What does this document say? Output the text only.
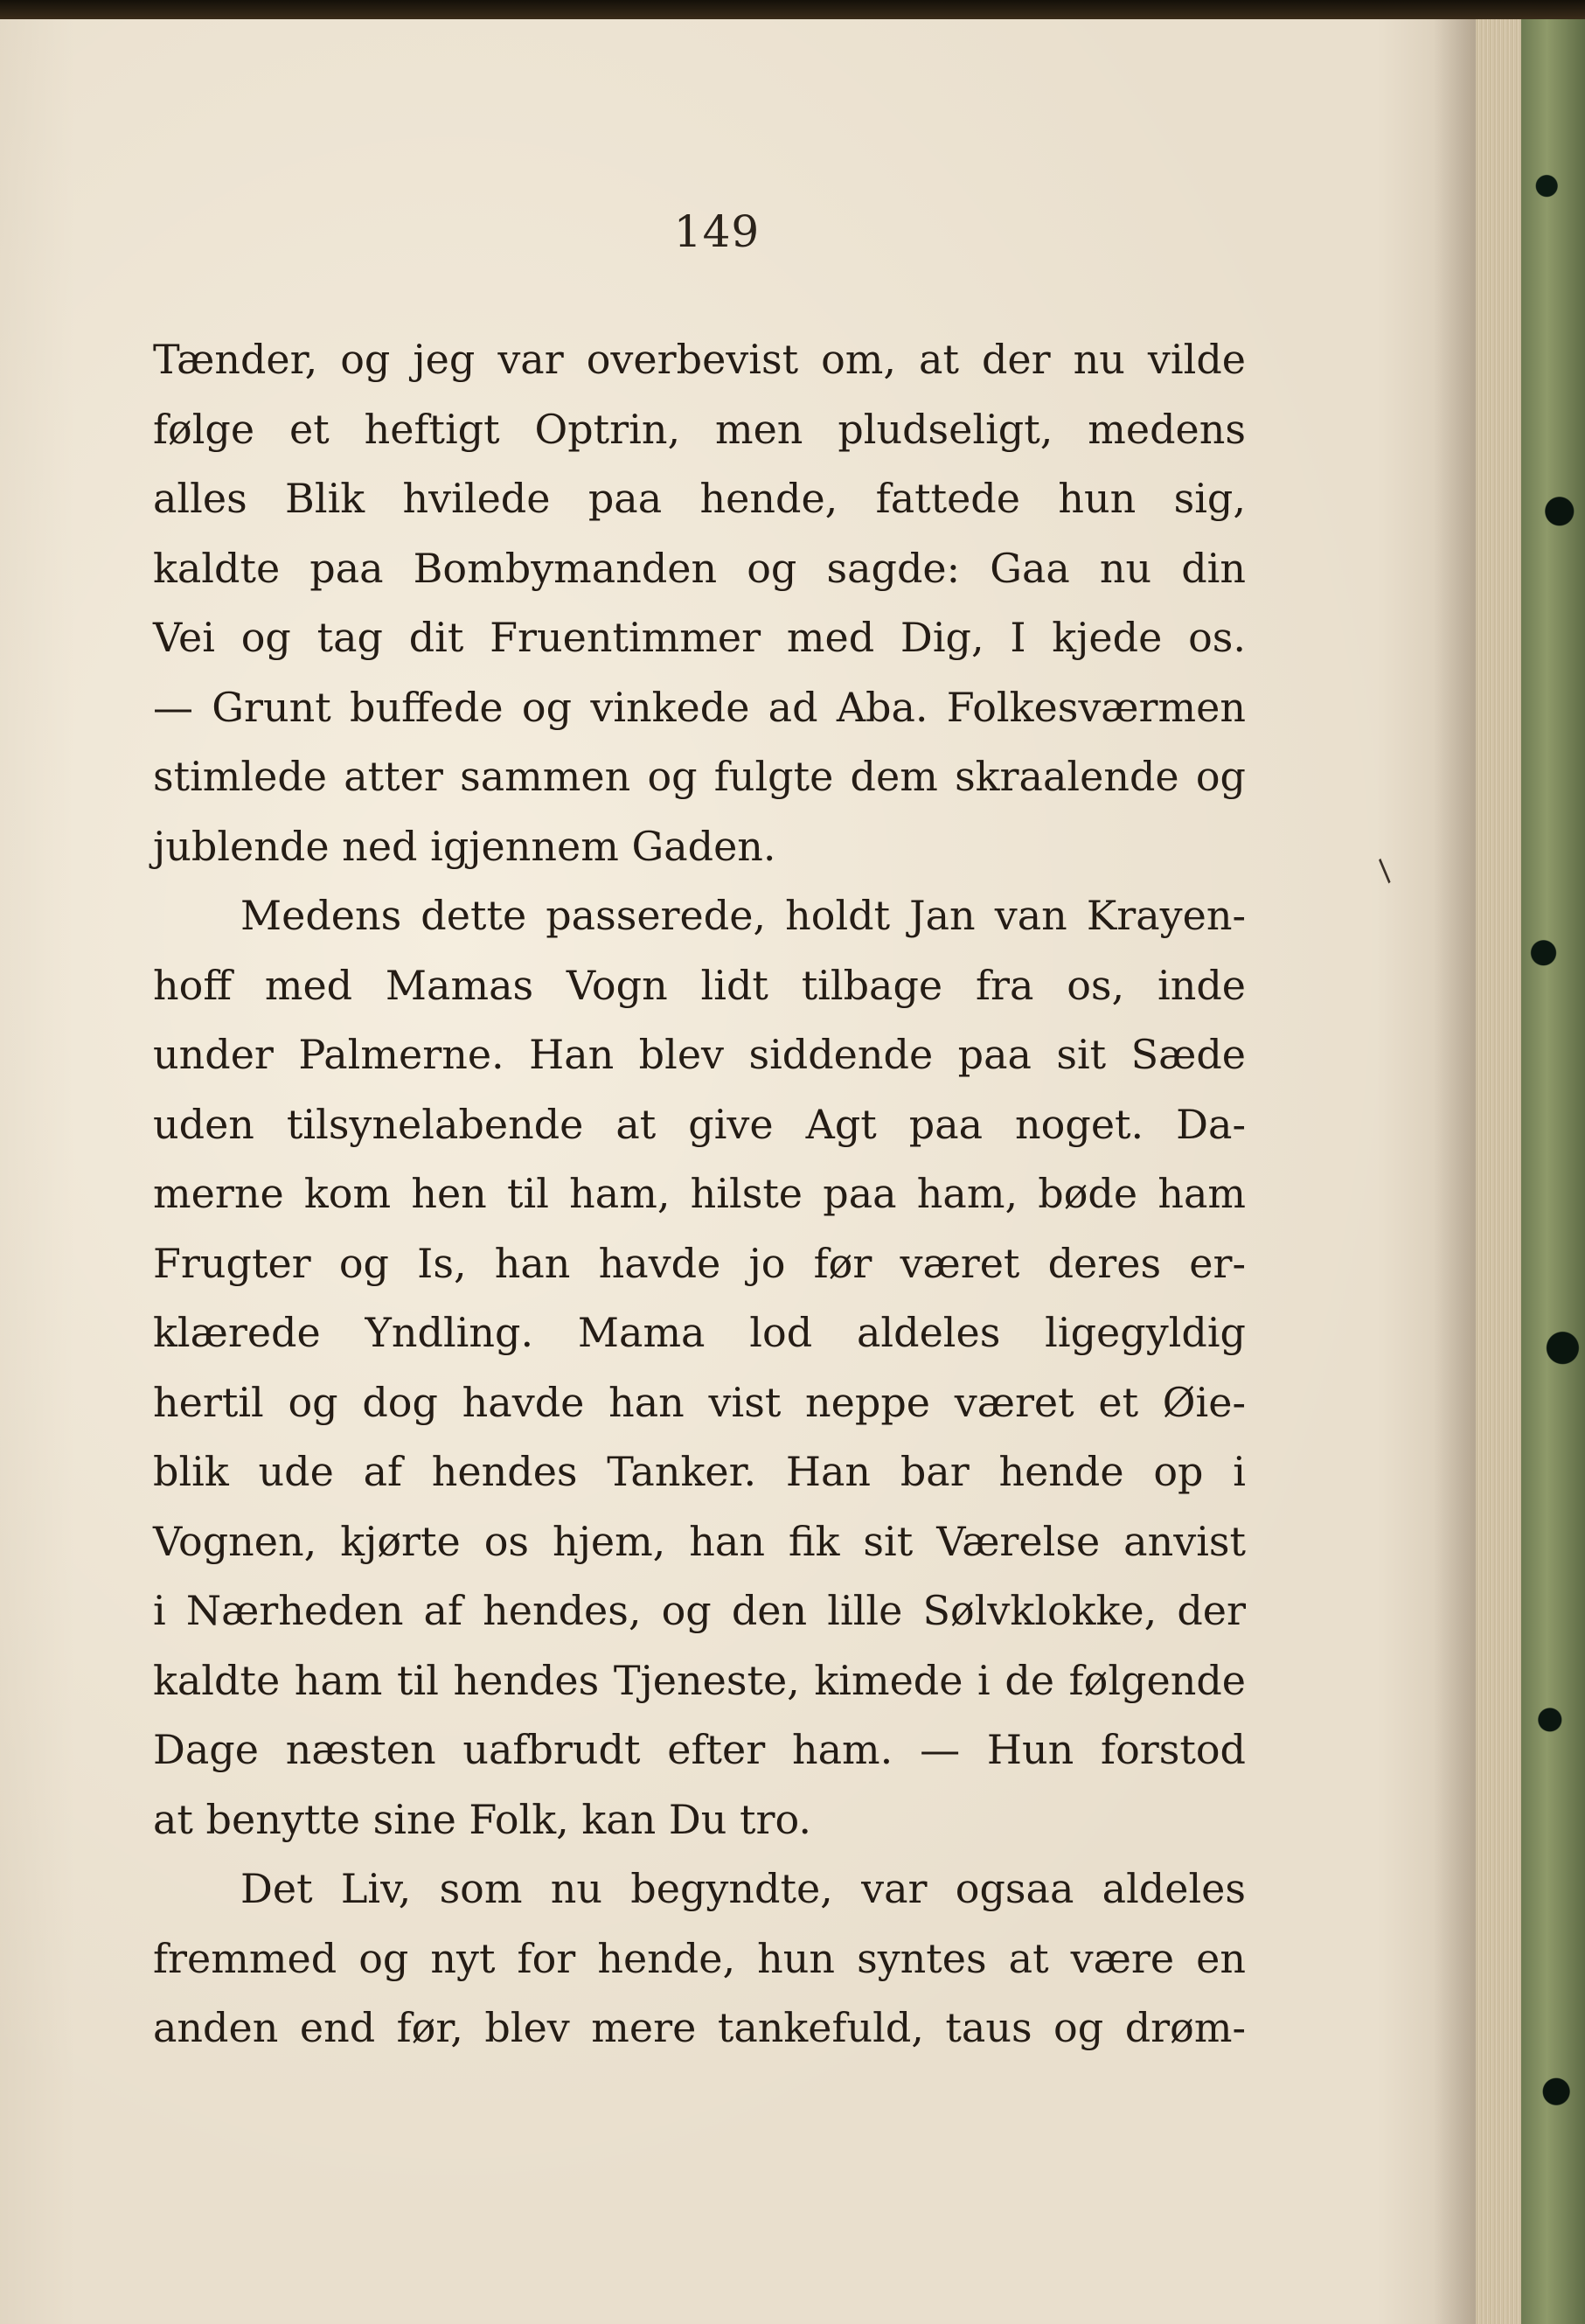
149
Tænder, og jeg var overbevist om, at der nu vilde
følge et heftigt Optrin, men pludseligt, medens
alles Blik hvilede paa hende, fattede hun sig,
kaldte paa Bombymanden og sagde: Gaa nu din
Vei og tag dit Fruentimmer med Dig, I kjede os.
— Grunt buffede og vinkede ad Aba. Folkesværmen
stimlede atter sammen og fulgte dem skraalende og
jublende ned igjennem Gaden.
Medens dette passerede, holdt Jan van Krayen-
hoff med Mamas Vogn lidt tilbage fra os, inde
under Palmerne. Han blev siddende paa sit Sæde
uden tilsynelabende at give Agt paa noget. Da-
merne kom hen til ham, hilste paa ham, bøde ham
Frugter og Is, han havde jo før været deres er-
klærede Yndling. Mama lod aldeles ligegyldig
hertil og dog havde han vist neppe været et Øie-
blik ude af hendes Tanker. Han bar hende op i
Vognen, kjørte os hjem, han fik sit Værelse anvist
i Nærheden af hendes, og den lille Sølvklokke, der
kaldte ham til hendes Tjeneste, kimede i de følgende
Dage næsten uafbrudt efter ham. — Hun forstod
at benytte sine Folk, kan Du tro.
Det Liv, som nu begyndte, var ogsaa aldeles
fremmed og nyt for hende, hun syntes at være en
anden end før, blev mere tankefuld, taus og drøm-
/
